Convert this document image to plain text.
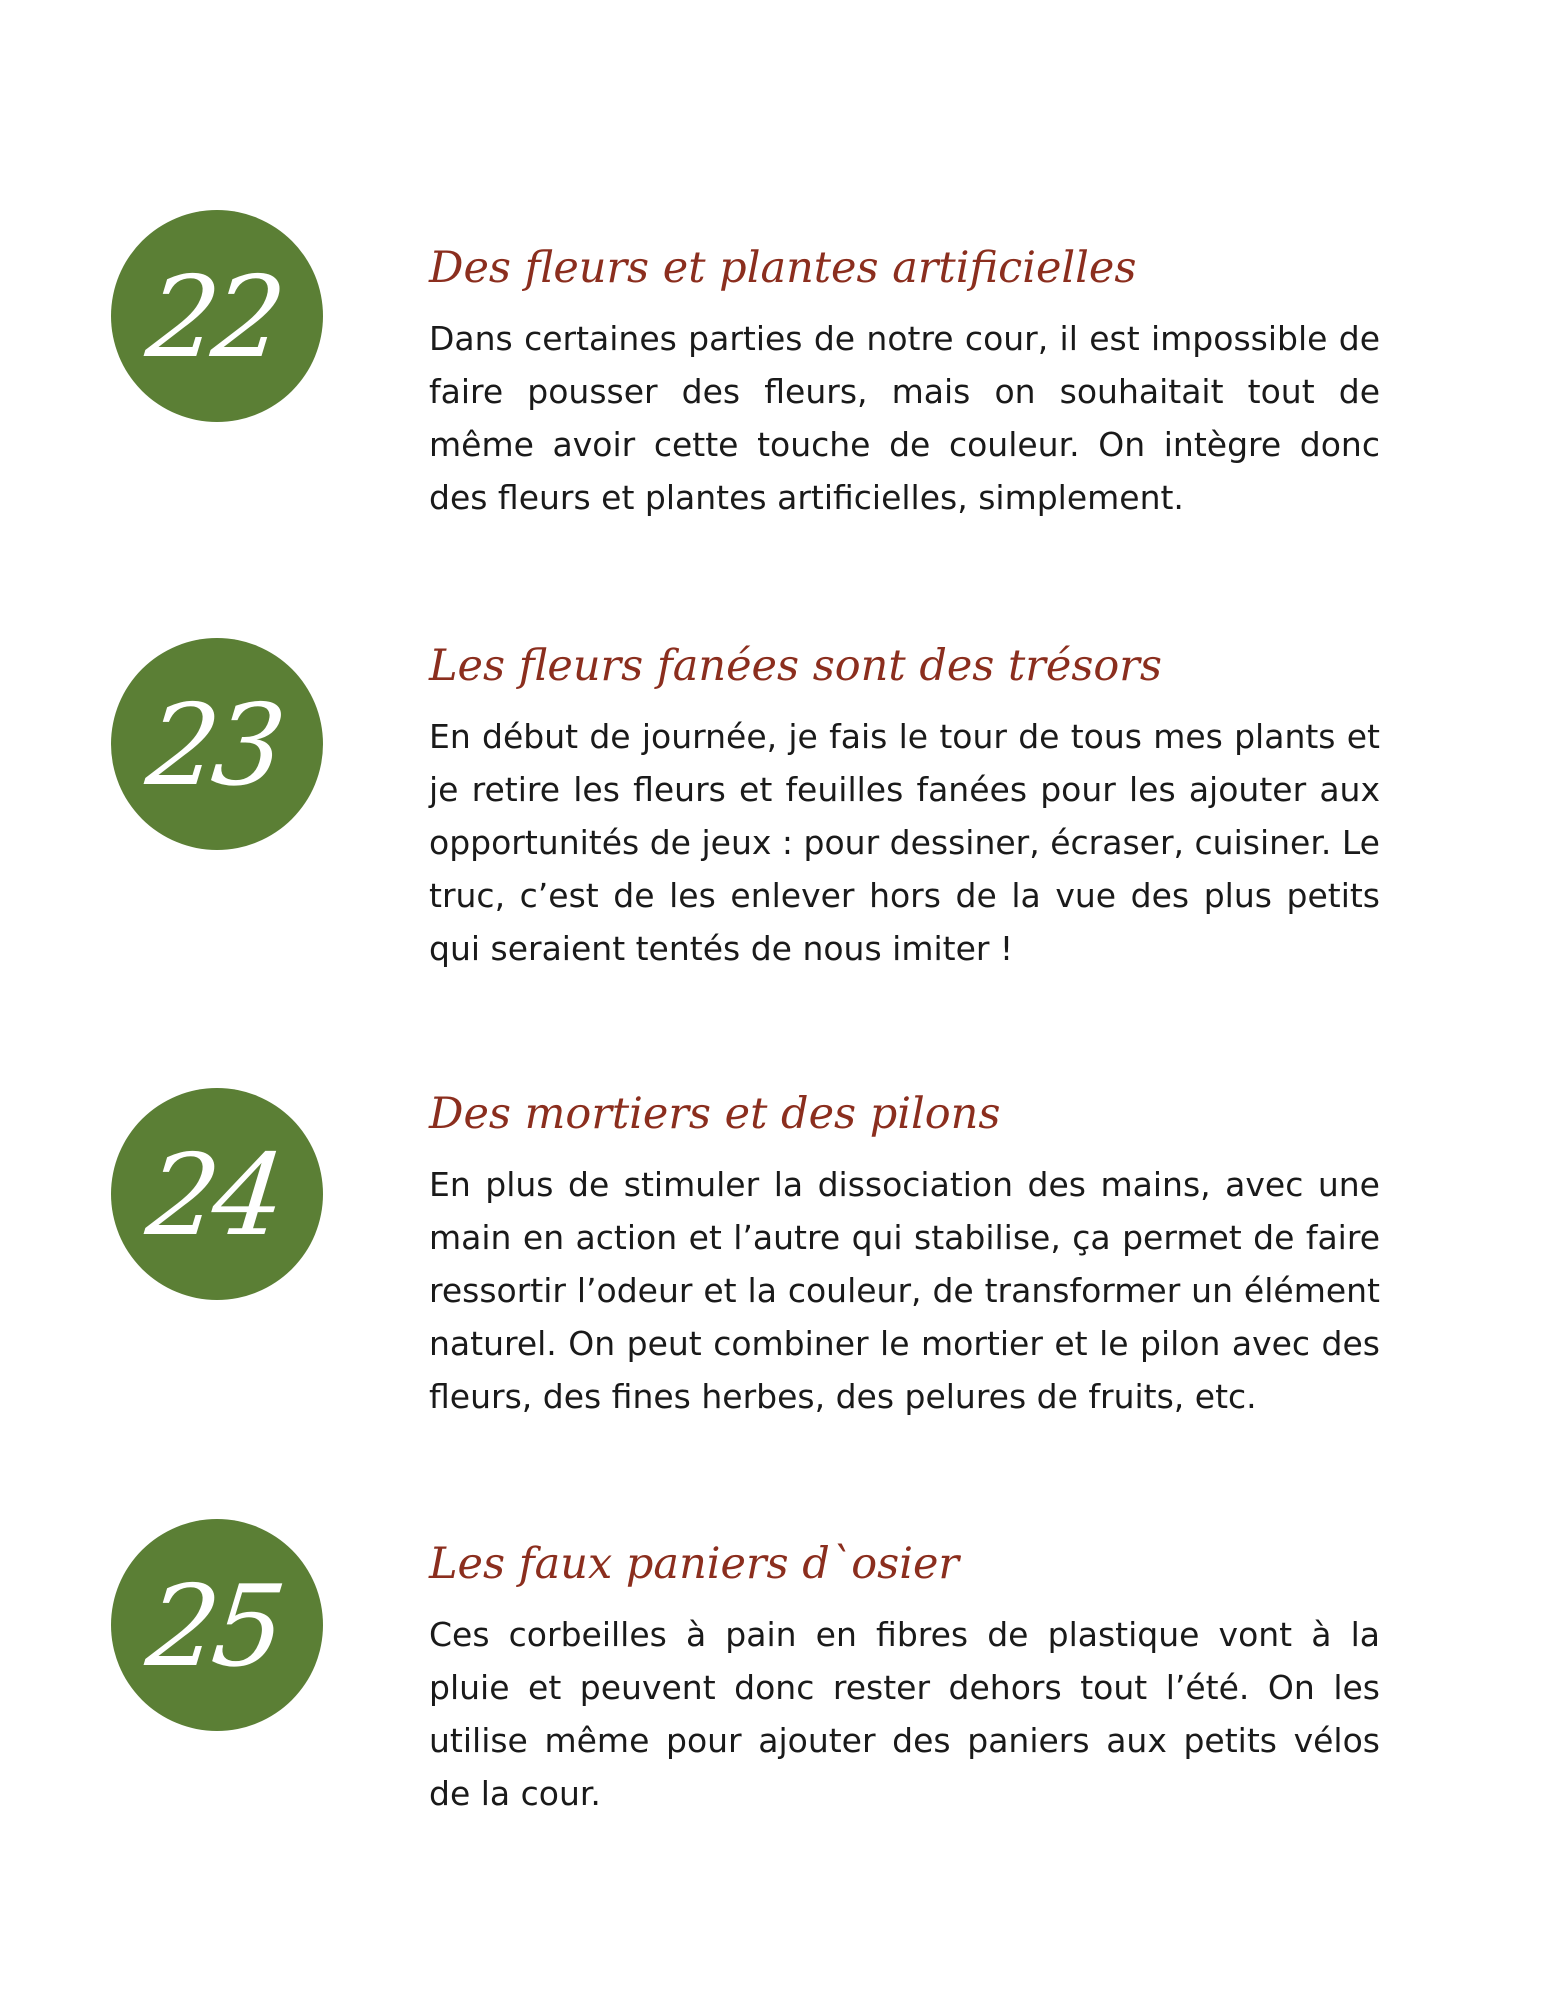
22	Des fleurs et plantes artificielles

Dans certaines parties de notre cour, il est impossible de faire pousser des fleurs, mais on souhaitait tout de même avoir cette touche de couleur. On intègre donc des fleurs et plantes artificielles, simplement.

23
Les fleurs fanées sont des trésors

En début de journée, je fais le tour de tous mes plants et je retire les fleurs et feuilles fanées pour les ajouter aux opportunités de jeux : pour dessiner, écraser, cuisiner. Le truc, c’est de les enlever hors de la vue des plus petits qui seraient tentés de nous imiter !

24
Des mortiers et des pilons

En plus de stimuler la dissociation des mains, avec une main en action et l’autre qui stabilise, ça permet de faire ressortir l’odeur et la couleur, de transformer un élément naturel. On peut combiner le mortier et le pilon avec des fleurs, des fines herbes, des pelures de fruits, etc.

25	Les faux paniers d`osier

Ces corbeilles à pain en fibres de plastique vont à la pluie et peuvent donc rester dehors tout l’été. On les utilise même pour ajouter des paniers aux petits vélos de la cour.
